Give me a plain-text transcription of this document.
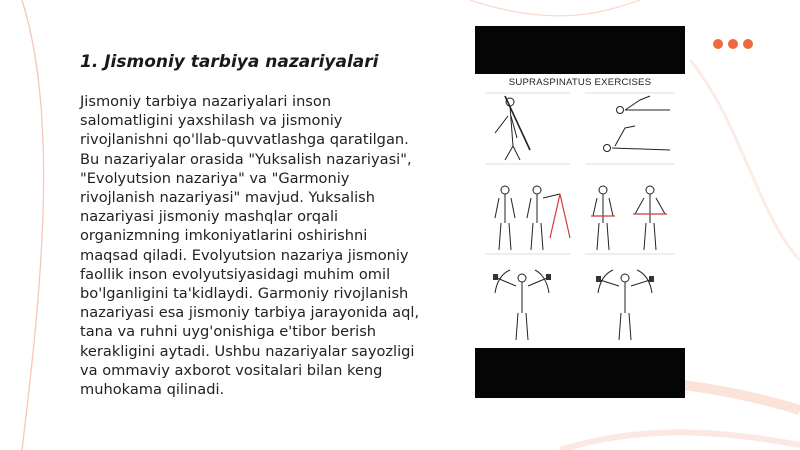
1. Jismoniy tarbiya nazariyalari

Jismoniy tarbiya nazariyalari inson salomatligini yaxshilash va jismoniy rivojlanishni qo'llab-quvvatlashga qaratilgan. Bu nazariyalar orasida "Yuksalish nazariyasi", "Evolyutsion nazariya" va "Garmoniy rivojlanish nazariyasi" mavjud. Yuksalish nazariyasi jismoniy mashqlar orqali organizmning imkoniyatlarini oshirishni maqsad qiladi. Evolyutsion nazariya jismoniy faollik inson evolyutsiyasidagi muhim omil bo'lganligini ta'kidlaydi. Garmoniy rivojlanish nazariyasi esa jismoniy tarbiya jarayonida aql, tana va ruhni uyg'onishiga e'tibor berish kerakligini aytadi. Ushbu nazariyalar sayozligi va ommaviy axborot vositalari bilan keng muhokama qilinadi.

SUPRASPINATUS EXERCISES
